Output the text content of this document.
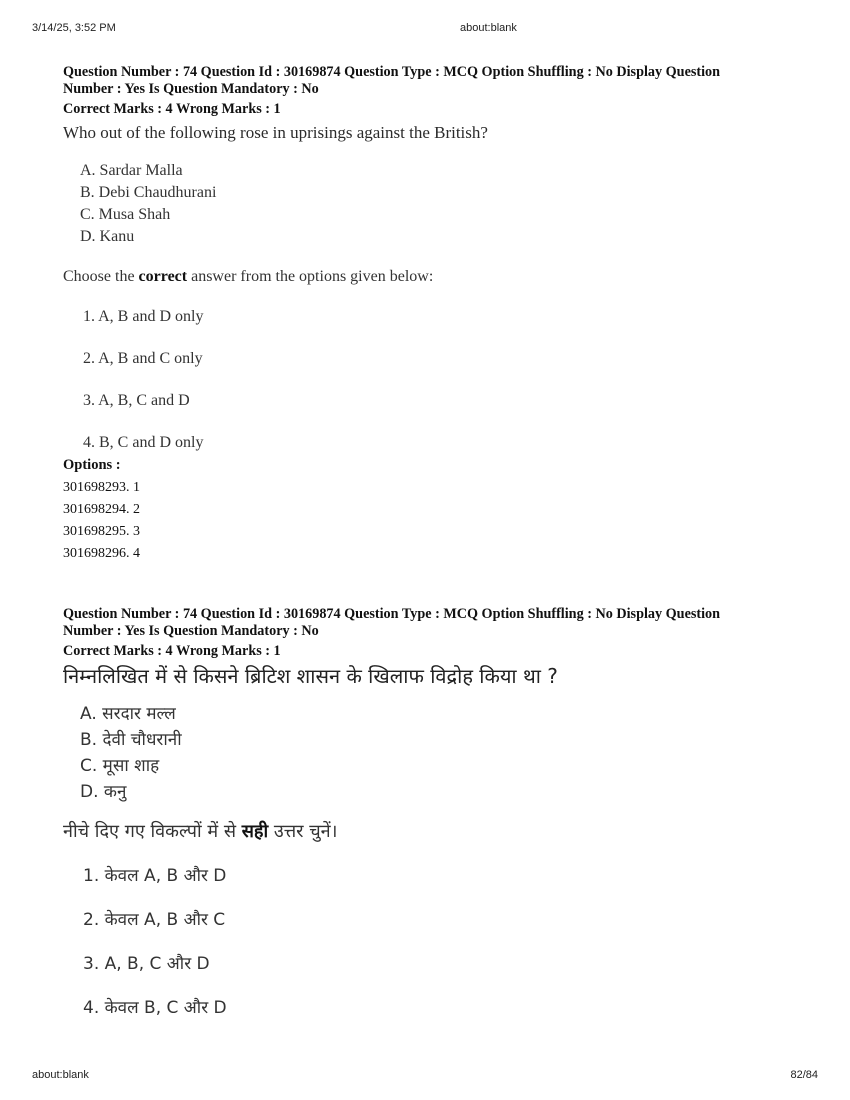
3/14/25, 3:52 PM	about:blank
Question Number : 74 Question Id : 30169874 Question Type : MCQ Option Shuffling : No Display Question
Number : Yes Is Question Mandatory : No
Correct Marks : 4 Wrong Marks : 1
Who out of the following rose in uprisings against the British?
A. Sardar Malla
B. Debi Chaudhurani
C. Musa Shah
D. Kanu
Choose the correct answer from the options given below:
1. A, B and D only
2. A, B and C only
3. A, B, C and D
4. B, C and D only
Options :
301698293. 1
301698294. 2
301698295. 3
301698296. 4
Question Number : 74 Question Id : 30169874 Question Type : MCQ Option Shuffling : No Display Question
Number : Yes Is Question Mandatory : No
Correct Marks : 4 Wrong Marks : 1
निम्नलिखित में से किसने ब्रिटिश शासन के खिलाफ विद्रोह किया था ?
A. सरदार मल्ल
B. देवी चौधरानी
C. मूसा शाह
D. कनु
नीचे दिए गए विकल्पों में से सही उत्तर चुनें।
1. केवल A, B और D
2. केवल A, B और C
3. A, B, C और D
4. केवल B, C और D
about:blank	82/84
